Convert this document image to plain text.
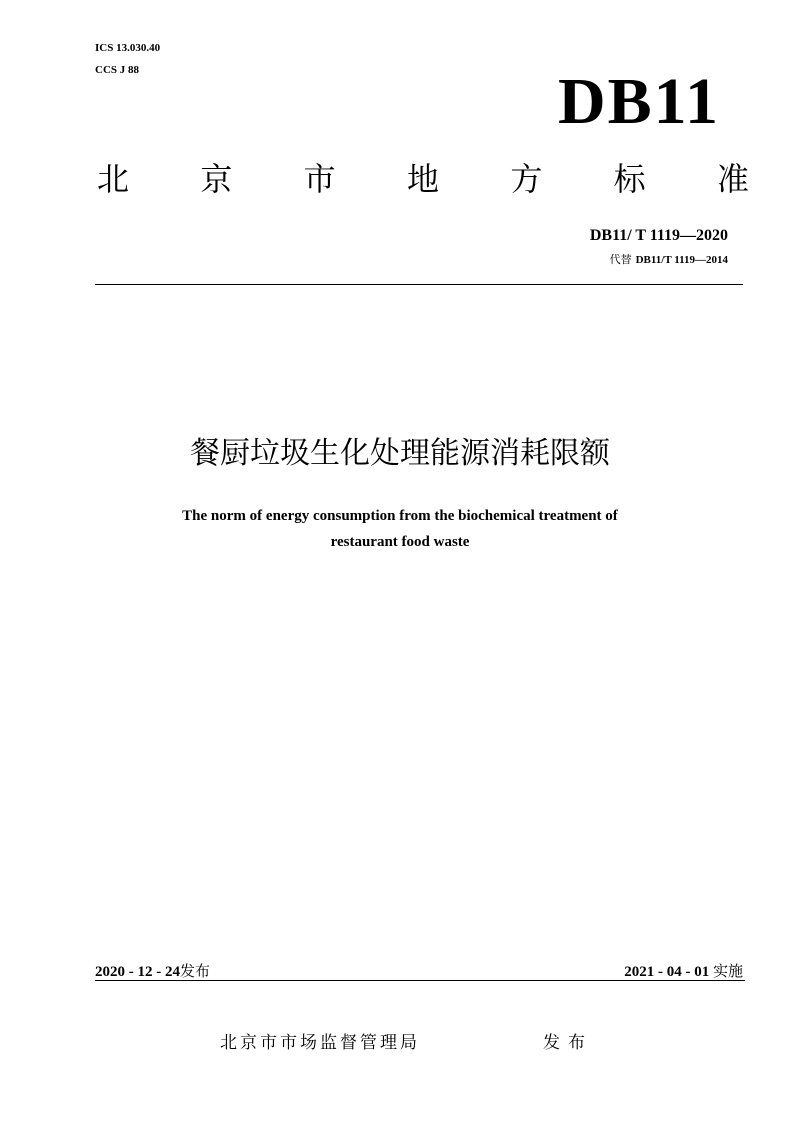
ICS 13.030.40
CCS J 88	DB11
北 京 市 地 方 标 准
DB11/ T 1119—2020
代替 DB11/T 1119—2014
餐厨垃圾生化处理能源消耗限额
The norm of energy consumption from the biochemical treatment of
restaurant food waste
2020 - 12 - 24发布	2021 - 04 - 01 实施
北京市市场监督管理局	发布
